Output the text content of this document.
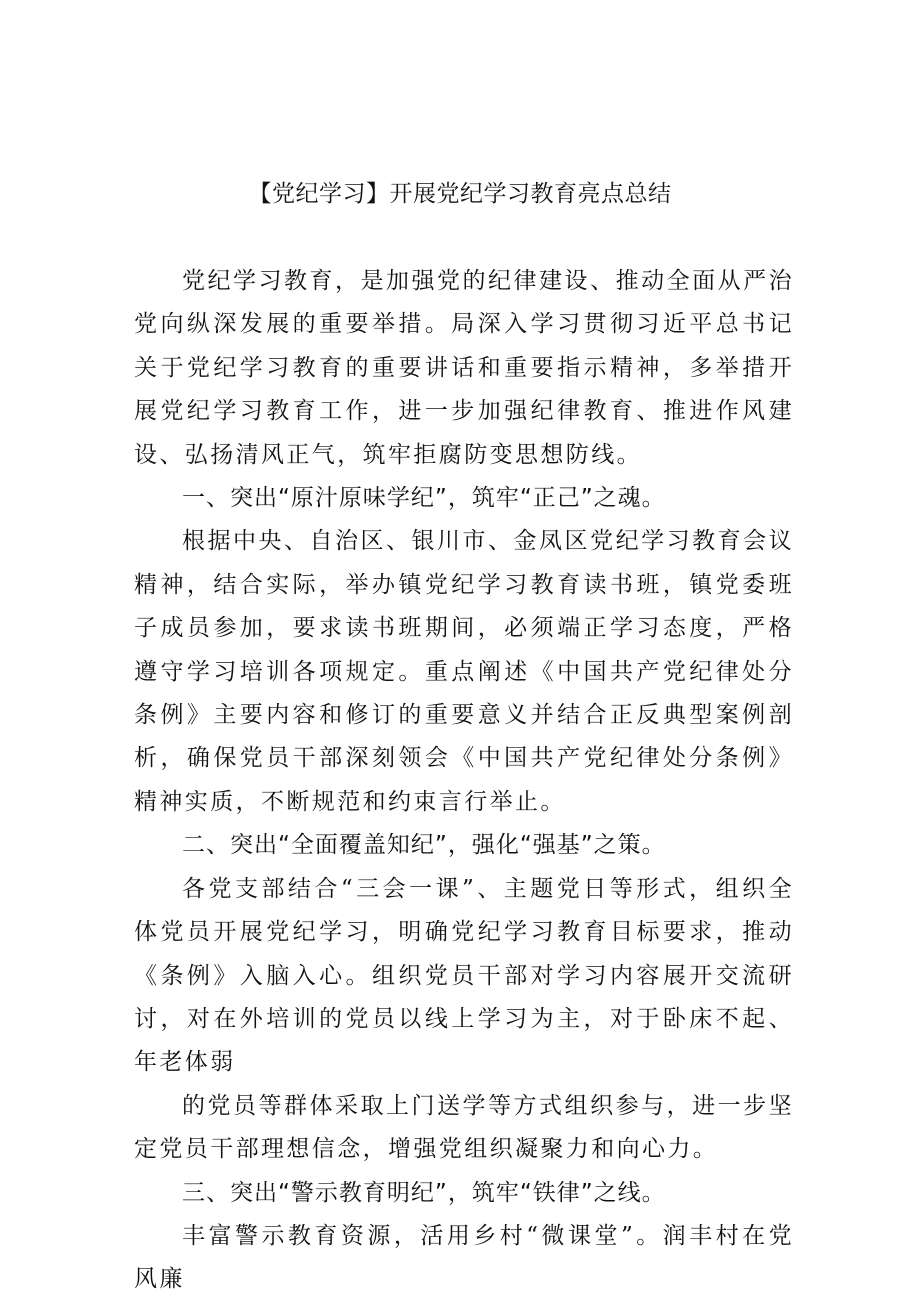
【党纪学习】开展党纪学习教育亮点总结

党纪学习教育，是加强党的纪律建设、推动全面从严治党向纵深发展的重要举措。局深入学习贯彻习近平总书记关于党纪学习教育的重要讲话和重要指示精神，多举措开展党纪学习教育工作，进一步加强纪律教育、推进作风建设、弘扬清风正气，筑牢拒腐防变思想防线。

一、突出“原汁原味学纪”，筑牢“正己”之魂。

根据中央、自治区、银川市、金凤区党纪学习教育会议精神，结合实际，举办镇党纪学习教育读书班，镇党委班子成员参加，要求读书班期间，必须端正学习态度，严格遵守学习培训各项规定。重点阐述《中国共产党纪律处分条例》主要内容和修订的重要意义并结合正反典型案例剖析，确保党员干部深刻领会《中国共产党纪律处分条例》精神实质，不断规范和约束言行举止。

二、突出“全面覆盖知纪”，强化“强基”之策。

各党支部结合“三会一课”、主题党日等形式，组织全体党员开展党纪学习，明确党纪学习教育目标要求，推动《条例》入脑入心。组织党员干部对学习内容展开交流研讨，对在外培训的党员以线上学习为主，对于卧床不起、年老体弱

的党员等群体采取上门送学等方式组织参与，进一步坚定党员干部理想信念，增强党组织凝聚力和向心力。

三、突出“警示教育明纪”，筑牢“铁律”之线。

丰富警示教育资源，活用乡村“微课堂”。润丰村在党风廉
